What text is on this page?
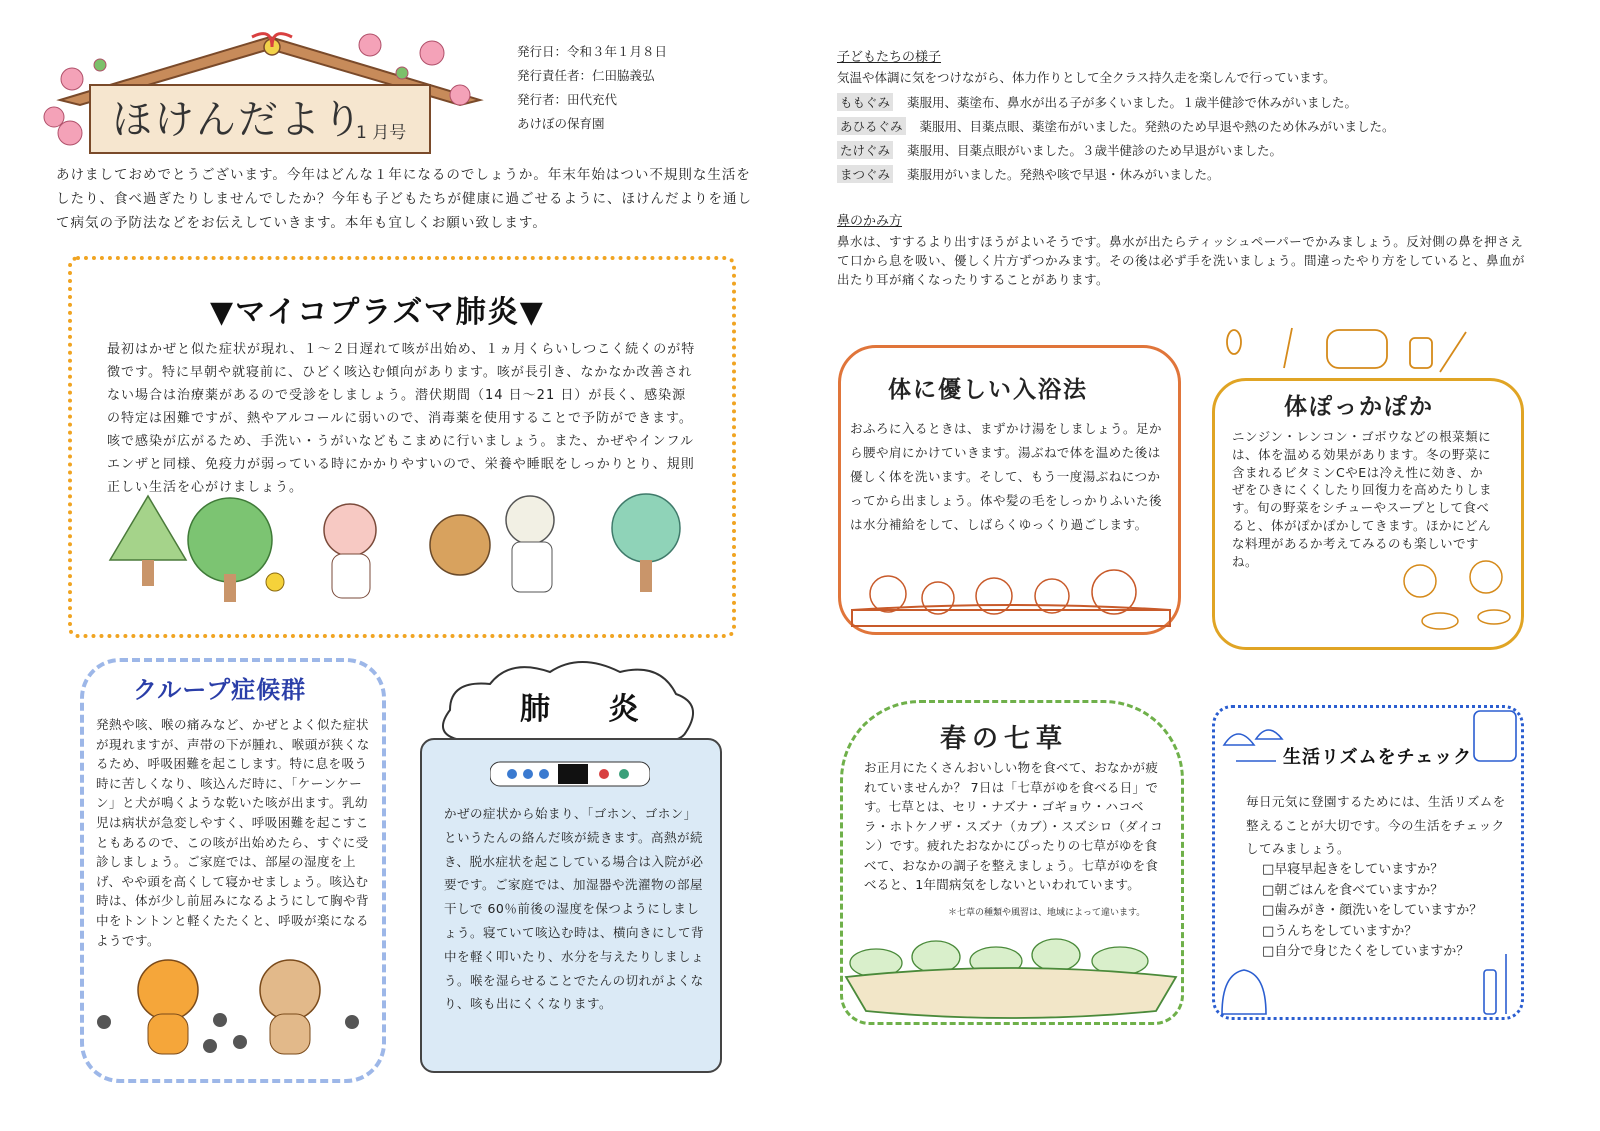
ほけんだより
1 月号
発行日：令和３年１月８日
発行責任者：仁田脇義弘
発行者：田代充代
あけぼの保育園
あけましておめでとうございます。今年はどんな１年になるのでしょうか。年末年始はつい不規則な生活をしたり、食べ過ぎたりしませんでしたか？今年も子どもたちが健康に過ごせるように、ほけんだよりを通して病気の予防法などをお伝えしていきます。本年も宜しくお願い致します。
▼マイコプラズマ肺炎▼
最初はかぜと似た症状が現れ、１～２日遅れて咳が出始め、１ヵ月くらいしつこく続くのが特徴です。特に早朝や就寝前に、ひどく咳込む傾向があります。咳が長引き、なかなか改善されない場合は治療薬があるので受診をしましょう。潜伏期間（14 日～21 日）が長く、感染源の特定は困難ですが、熱やアルコールに弱いので、消毒薬を使用することで予防ができます。咳で感染が広がるため、手洗い・うがいなどもこまめに行いましょう。また、かぜやインフルエンザと同様、免疫力が弱っている時にかかりやすいので、栄養や睡眠をしっかりとり、規則正しい生活を心がけましょう。
クループ症候群
発熱や咳、喉の痛みなど、かぜとよく似た症状が現れますが、声帯の下が腫れ、喉頭が狭くなるため、呼吸困難を起こします。特に息を吸う時に苦しくなり、咳込んだ時に、「ケーンケーン」と犬が鳴くような乾いた咳が出ます。乳幼児は病状が急変しやすく、呼吸困難を起こすこともあるので、この咳が出始めたら、すぐに受診しましょう。ご家庭では、部屋の湿度を上げ、やや頭を高くして寝かせましょう。咳込む時は、体が少し前屈みになるようにして胸や背中をトントンと軽くたたくと、呼吸が楽になるようです。
肺 炎
かぜの症状から始まり、「ゴホン、ゴホン」というたんの絡んだ咳が続きます。高熱が続き、脱水症状を起こしている場合は入院が必要です。ご家庭では、加湿器や洗濯物の部屋干しで 60％前後の湿度を保つようにしましょう。寝ていて咳込む時は、横向きにして背中を軽く叩いたり、水分を与えたりしましょう。喉を湿らせることでたんの切れがよくなり、咳も出にくくなります。
子どもたちの様子
気温や体調に気をつけながら、体力作りとして全クラス持久走を楽しんで行っています。
ももぐみ 薬服用、薬塗布、鼻水が出る子が多くいました。１歳半健診で休みがいました。
あひるぐみ 薬服用、目薬点眼、薬塗布がいました。発熱のため早退や熱のため休みがいました。
たけぐみ 薬服用、目薬点眼がいました。３歳半健診のため早退がいました。
まつぐみ 薬服用がいました。発熱や咳で早退・休みがいました。
鼻のかみ方
鼻水は、すするより出すほうがよいそうです。鼻水が出たらティッシュペーパーでかみましょう。反対側の鼻を押さえて口から息を吸い、優しく片方ずつかみます。その後は必ず手を洗いましょう。間違ったやり方をしていると、鼻血が出たり耳が痛くなったりすることがあります。
体に優しい入浴法
おふろに入るときは、まずかけ湯をしましょう。足から腰や肩にかけていきます。湯ぶねで体を温めた後は優しく体を洗います。そして、もう一度湯ぶねにつかってから出ましょう。体や髪の毛をしっかりふいた後は水分補給をして、しばらくゆっくり過ごします。
体ぽっかぽか
ニンジン・レンコン・ゴボウなどの根菜類には、体を温める効果があります。冬の野菜に含まれるビタミンCやEは冷え性に効き、かぜをひきにくくしたり回復力を高めたりします。旬の野菜をシチューやスープとして食べると、体がぽかぽかしてきます。ほかにどんな料理があるか考えてみるのも楽しいですね。
春の七草
お正月にたくさんおいしい物を食べて、おなかが疲れていませんか？ 7日は「七草がゆを食べる日」です。七草とは、セリ・ナズナ・ゴギョウ・ハコベラ・ホトケノザ・スズナ（カブ）・スズシロ（ダイコン）です。疲れたおなかにぴったりの七草がゆを食べて、おなかの調子を整えましょう。七草がゆを食べると、1年間病気をしないといわれています。
＊七草の種類や風習は、地域によって違います。
生活リズムをチェック
毎日元気に登園するためには、生活リズムを整えることが大切です。今の生活をチェックしてみましょう。
□早寝早起きをしていますか？
□朝ごはんを食べていますか？
□歯みがき・顔洗いをしていますか？
□うんちをしていますか？
□自分で身じたくをしていますか？
